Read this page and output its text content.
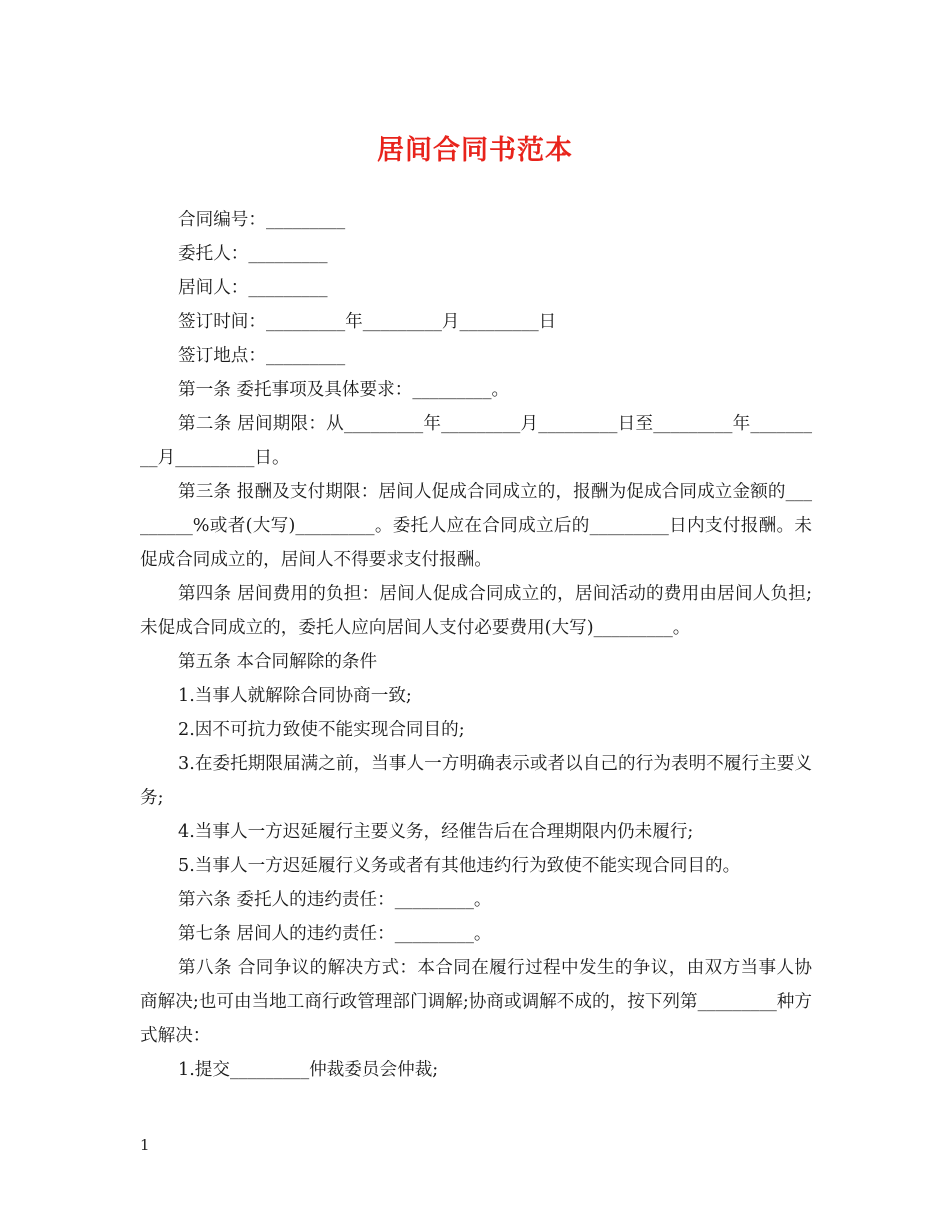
居间合同书范本

合同编号：_________

委托人：_________

居间人：_________

签订时间：_________年_________月_________日

签订地点：_________

第一条 委托事项及具体要求：_________。

第二条 居间期限：从_________年_________月_________日至_________年_________月_________日。

第三条 报酬及支付期限：居间人促成合同成立的，报酬为促成合同成立金额的_________%或者(大写)_________。委托人应在合同成立后的_________日内支付报酬。未促成合同成立的，居间人不得要求支付报酬。

第四条 居间费用的负担：居间人促成合同成立的，居间活动的费用由居间人负担;未促成合同成立的，委托人应向居间人支付必要费用(大写)_________。

第五条 本合同解除的条件

1.当事人就解除合同协商一致;

2.因不可抗力致使不能实现合同目的;

3.在委托期限届满之前，当事人一方明确表示或者以自己的行为表明不履行主要义务;

4.当事人一方迟延履行主要义务，经催告后在合理期限内仍未履行;

5.当事人一方迟延履行义务或者有其他违约行为致使不能实现合同目的。

第六条 委托人的违约责任：_________。

第七条 居间人的违约责任：_________。

第八条 合同争议的解决方式：本合同在履行过程中发生的争议，由双方当事人协商解决;也可由当地工商行政管理部门调解;协商或调解不成的，按下列第_________种方式解决：

1.提交_________仲裁委员会仲裁;

1
